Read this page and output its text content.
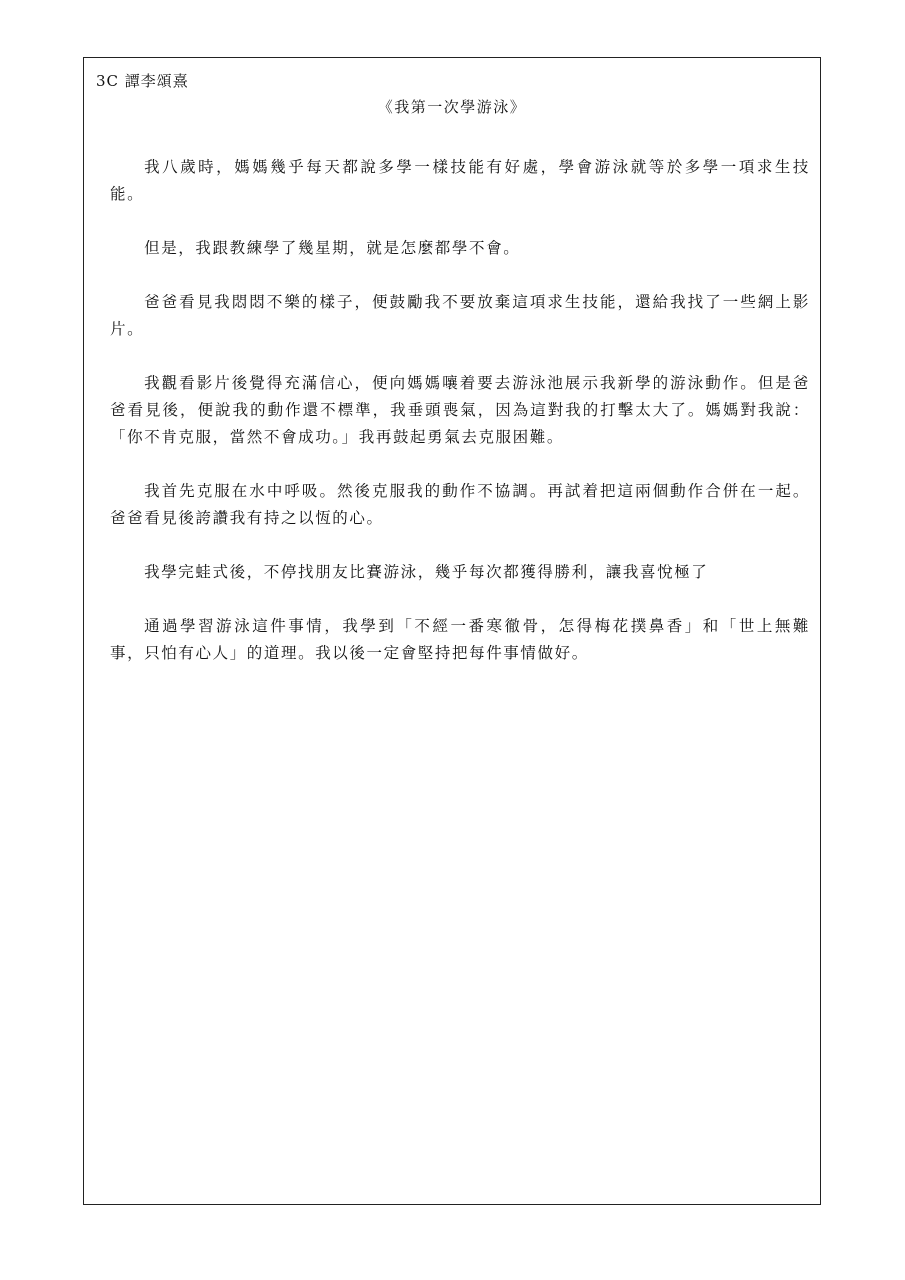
3C 譚李頌熹
《我第一次學游泳》

我八歲時，媽媽幾乎每天都說多學一樣技能有好處，學會游泳就等於多學一項求生技能。

但是，我跟教練學了幾星期，就是怎麼都學不會。

爸爸看見我悶悶不樂的樣子，便鼓勵我不要放棄這項求生技能，還給我找了一些網上影片。

我觀看影片後覺得充滿信心，便向媽媽嚷着要去游泳池展示我新學的游泳動作。但是爸爸看見後，便說我的動作還不標準，我垂頭喪氣，因為這對我的打擊太大了。媽媽對我說：「你不肯克服，當然不會成功。」我再鼓起勇氣去克服困難。

我首先克服在水中呼吸。然後克服我的動作不協調。再試着把這兩個動作合併在一起。爸爸看見後誇讚我有持之以恆的心。

我學完蛙式後，不停找朋友比賽游泳，幾乎每次都獲得勝利，讓我喜悅極了

通過學習游泳這件事情，我學到「不經一番寒徹骨，怎得梅花撲鼻香」和「世上無難事，只怕有心人」的道理。我以後一定會堅持把每件事情做好。
